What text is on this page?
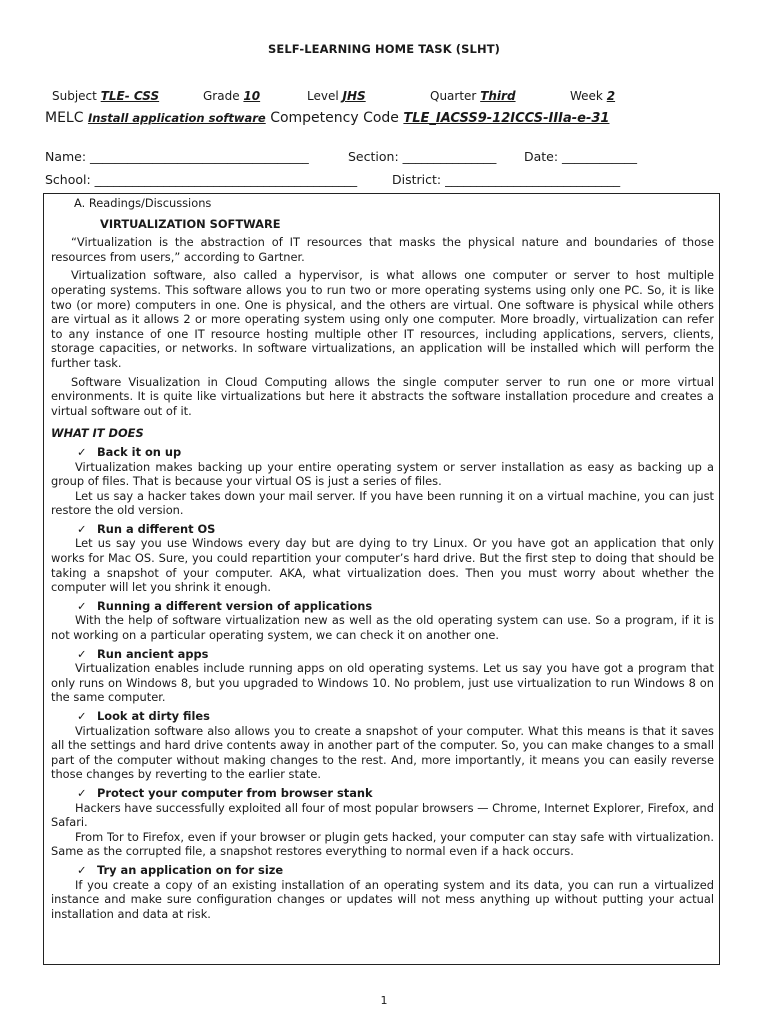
SELF-LEARNING HOME TASK (SLHT)
Subject TLE- CSS	Grade 10	Level JHS	Quarter Third	Week 2
MELC Install application software Competency Code TLE_IACSS9-12ICCS-IIIa-e-31
Name: ___________________________________	Section: _______________ Date: ____________
School: __________________________________________	District: ____________________________

A. Readings/Discussions

VIRTUALIZATION SOFTWARE

“Virtualization is the abstraction of IT resources that masks the physical nature and boundaries of those resources from users,” according to Gartner.

Virtualization software, also called a hypervisor, is what allows one computer or server to host multiple operating systems. This software allows you to run two or more operating systems using only one PC. So, it is like two (or more) computers in one. One is physical, and the others are virtual. One software is physical while others are virtual as it allows 2 or more operating system using only one computer. More broadly, virtualization can refer to any instance of one IT resource hosting multiple other IT resources, including applications, servers, clients, storage capacities, or networks. In software virtualizations, an application will be installed which will perform the further task.

Software Visualization in Cloud Computing allows the single computer server to run one or more virtual environments. It is quite like virtualizations but here it abstracts the software installation procedure and creates a virtual software out of it.

WHAT IT DOES

✓ Back it on up

Virtualization makes backing up your entire operating system or server installation as easy as backing up a group of files. That is because your virtual OS is just a series of files.

Let us say a hacker takes down your mail server. If you have been running it on a virtual machine, you can just restore the old version.

✓ Run a different OS

Let us say you use Windows every day but are dying to try Linux. Or you have got an application that only works for Mac OS. Sure, you could repartition your computer’s hard drive. But the first step to doing that should be taking a snapshot of your computer. AKA, what virtualization does. Then you must worry about whether the computer will let you shrink it enough.

✓ Running a different version of applications

With the help of software virtualization new as well as the old operating system can use. So a program, if it is not working on a particular operating system, we can check it on another one.

✓ Run ancient apps

Virtualization enables include running apps on old operating systems. Let us say you have got a program that only runs on Windows 8, but you upgraded to Windows 10. No problem, just use virtualization to run Windows 8 on the same computer.

✓ Look at dirty files

Virtualization software also allows you to create a snapshot of your computer. What this means is that it saves all the settings and hard drive contents away in another part of the computer. So, you can make changes to a small part of the computer without making changes to the rest. And, more importantly, it means you can easily reverse those changes by reverting to the earlier state.

✓ Protect your computer from browser stank

Hackers have successfully exploited all four of most popular browsers — Chrome, Internet Explorer, Firefox, and Safari.

From Tor to Firefox, even if your browser or plugin gets hacked, your computer can stay safe with virtualization. Same as the corrupted file, a snapshot restores everything to normal even if a hack occurs.

✓ Try an application on for size

If you create a copy of an existing installation of an operating system and its data, you can run a virtualized instance and make sure configuration changes or updates will not mess anything up without putting your actual installation and data at risk.

1
